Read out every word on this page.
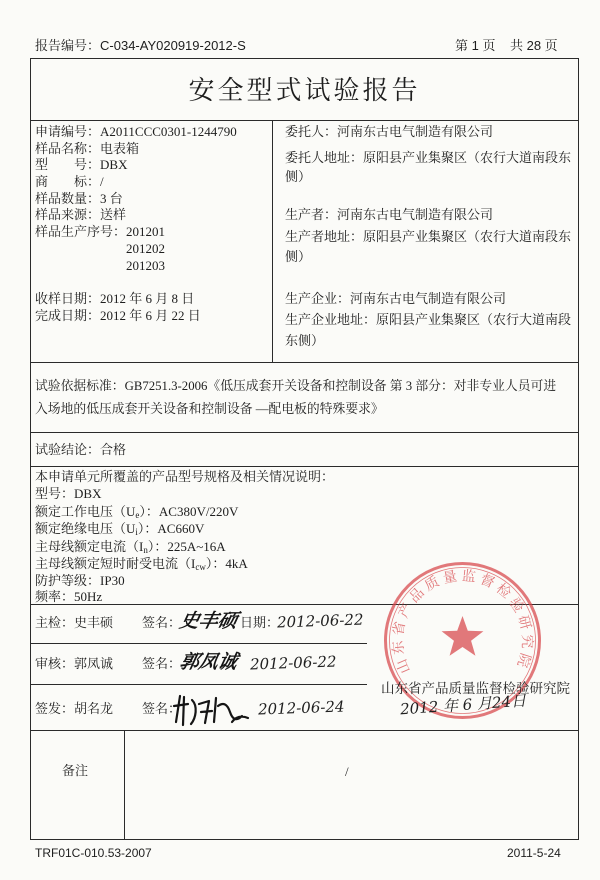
报告编号：C-034-AY020919-2012-S	第 1 页 共 28 页
安全型式试验报告
申请编号：A2011CCC0301-1244790
样品名称：电表箱
型　　号：DBX
商　　标：/
样品数量：3 台
样品来源：送样
样品生产序号： 201201
201202
201203
收样日期：2012 年 6 月 8 日
完成日期：2012 年 6 月 22 日
委托人：河南东古电气制造有限公司
委托人地址：原阳县产业集聚区（农行大道南段东
侧）
生产者：河南东古电气制造有限公司
生产者地址：原阳县产业集聚区（农行大道南段东
侧）
生产企业：河南东古电气制造有限公司
生产企业地址：原阳县产业集聚区（农行大道南段
东侧）
试验依据标准：GB7251.3-2006《低压成套开关设备和控制设备 第 3 部分：对非专业人员可进
入场地的低压成套开关设备和控制设备 —配电板的特殊要求》
试验结论：合格
本申请单元所覆盖的产品型号规格及相关情况说明：
型号：DBX
额定工作电压$(U_e)$：AC380V/220V
额定绝缘电压$(U_i)$：AC660V
主母线额定电流$(I_n)$：225A~16A
主母线额定短时耐受电流$(I_{cw})$：4kA
防护等级：IP30
频率：50Hz
山东省产品质量监督检验研究院
主检：史丰硕 签名：
史丰硕 日期：
2012-06-22
审核：郭凤诚 签名：
郭凤诚 2012-06-22
签发：胡名龙 签名：	2012-06-24
山东省产品质量监督检验研究院
2012 年 6 月24日
备注	/
TRF01C-010.53-2007	2011-5-24
